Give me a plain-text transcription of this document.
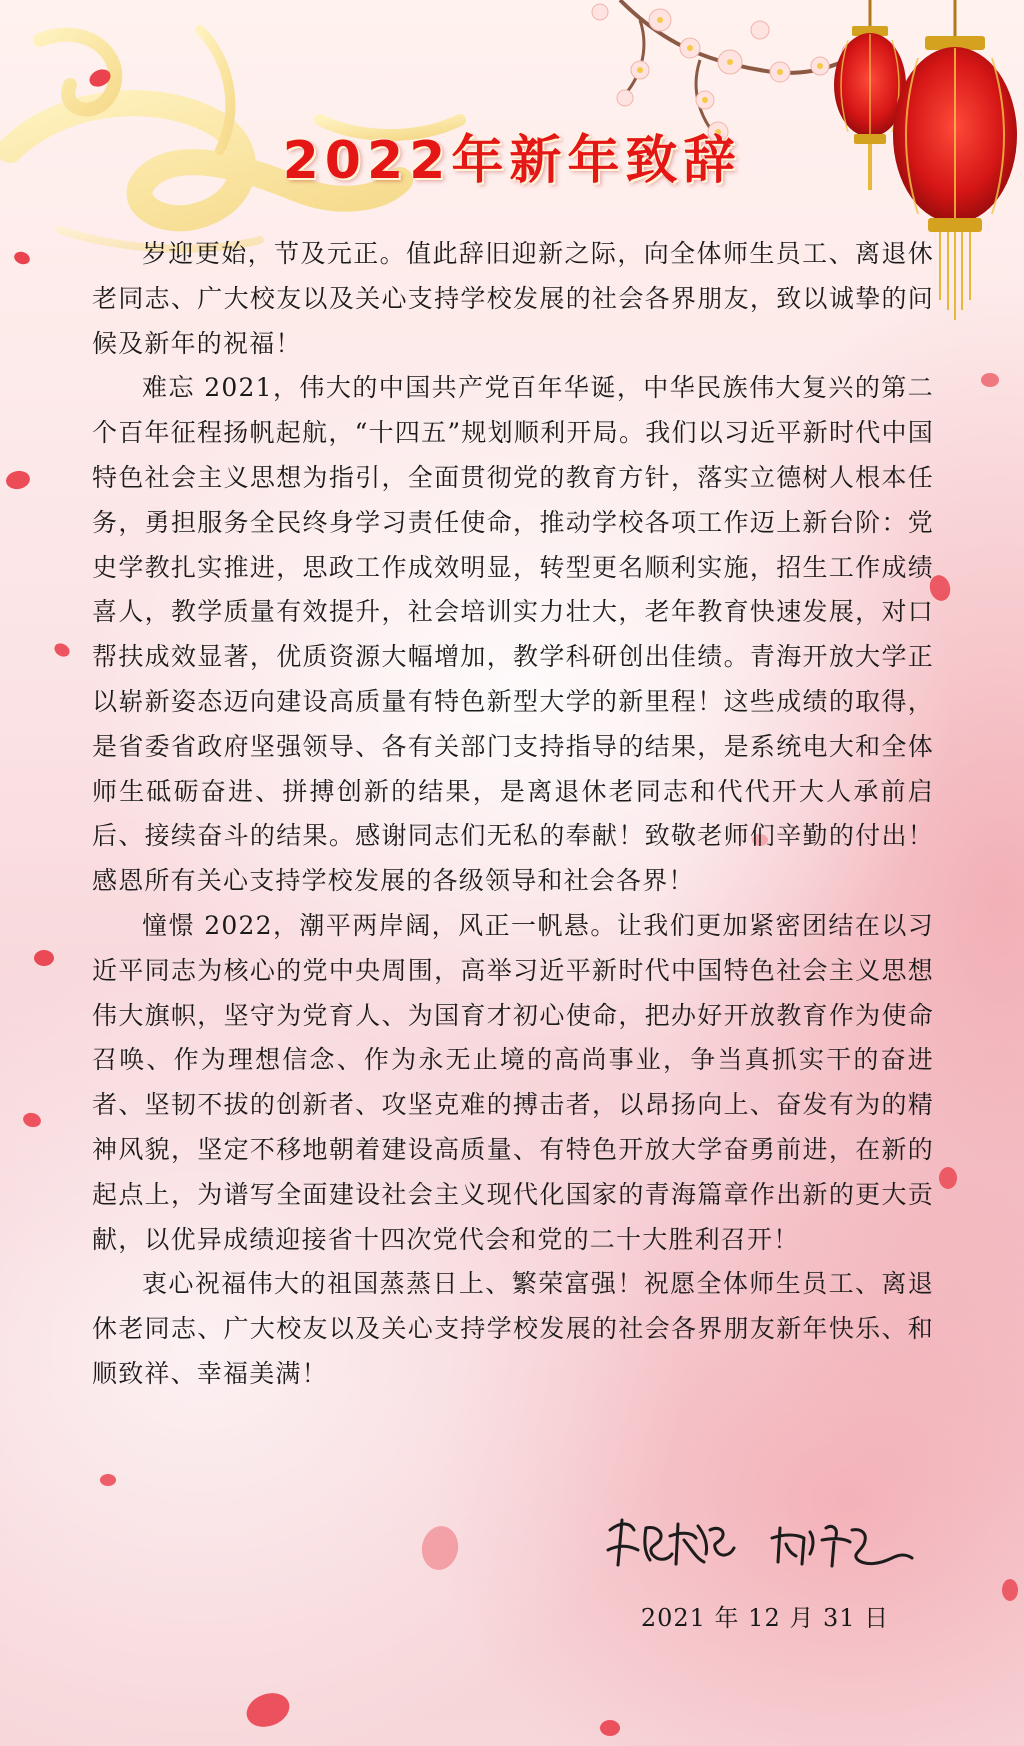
2022年新年致辞

岁迎更始，节及元正。值此辞旧迎新之际，向全体师生员工、离退休老同志、广大校友以及关心支持学校发展的社会各界朋友，致以诚挚的问候及新年的祝福！

难忘 2021，伟大的中国共产党百年华诞，中华民族伟大复兴的第二个百年征程扬帆起航，“十四五”规划顺利开局。我们以习近平新时代中国特色社会主义思想为指引，全面贯彻党的教育方针，落实立德树人根本任务，勇担服务全民终身学习责任使命，推动学校各项工作迈上新台阶：党史学教扎实推进，思政工作成效明显，转型更名顺利实施，招生工作成绩喜人，教学质量有效提升，社会培训实力壮大，老年教育快速发展，对口帮扶成效显著，优质资源大幅增加，教学科研创出佳绩。青海开放大学正以崭新姿态迈向建设高质量有特色新型大学的新里程！这些成绩的取得，是省委省政府坚强领导、各有关部门支持指导的结果，是系统电大和全体师生砥砺奋进、拼搏创新的结果，是离退休老同志和代代开大人承前启后、接续奋斗的结果。感谢同志们无私的奉献！致敬老师们辛勤的付出！感恩所有关心支持学校发展的各级领导和社会各界！

憧憬 2022，潮平两岸阔，风正一帆悬。让我们更加紧密团结在以习近平同志为核心的党中央周围，高举习近平新时代中国特色社会主义思想伟大旗帜，坚守为党育人、为国育才初心使命，把办好开放教育作为使命召唤、作为理想信念、作为永无止境的高尚事业，争当真抓实干的奋进者、坚韧不拔的创新者、攻坚克难的搏击者，以昂扬向上、奋发有为的精神风貌，坚定不移地朝着建设高质量、有特色开放大学奋勇前进，在新的起点上，为谱写全面建设社会主义现代化国家的青海篇章作出新的更大贡献，以优异成绩迎接省十四次党代会和党的二十大胜利召开！

衷心祝福伟大的祖国蒸蒸日上、繁荣富强！祝愿全体师生员工、离退休老同志、广大校友以及关心支持学校发展的社会各界朋友新年快乐、和顺致祥、幸福美满！

2021 年 12 月 31 日
